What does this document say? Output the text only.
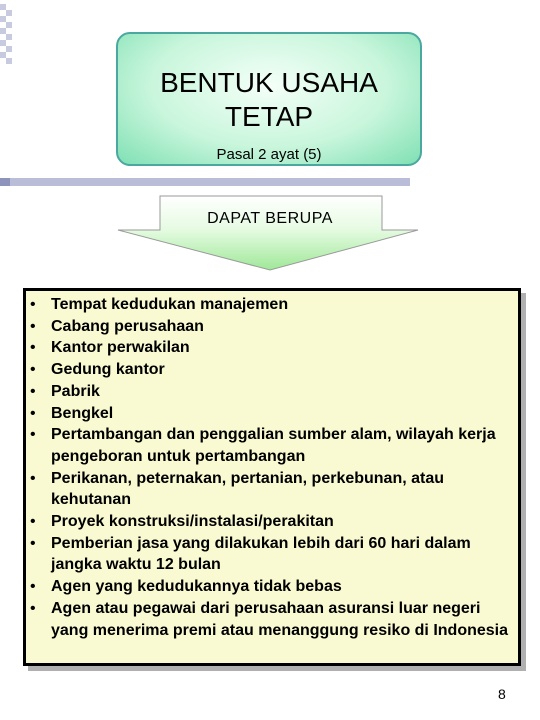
BENTUK USAHA TETAP
Pasal 2 ayat (5)
DAPAT BERUPA
• Tempat kedudukan manajemen
• Cabang perusahaan
• Kantor perwakilan
• Gedung kantor
• Pabrik
• Bengkel
• Pertambangan dan penggalian sumber alam, wilayah kerja pengeboran untuk pertambangan
• Perikanan, peternakan, pertanian, perkebunan, atau kehutanan
• Proyek konstruksi/instalasi/perakitan
• Pemberian jasa yang dilakukan lebih dari 60 hari dalam jangka waktu 12 bulan
• Agen yang kedudukannya tidak bebas
• Agen atau pegawai dari perusahaan asuransi luar negeri yang menerima premi atau menanggung resiko di Indonesia
8
